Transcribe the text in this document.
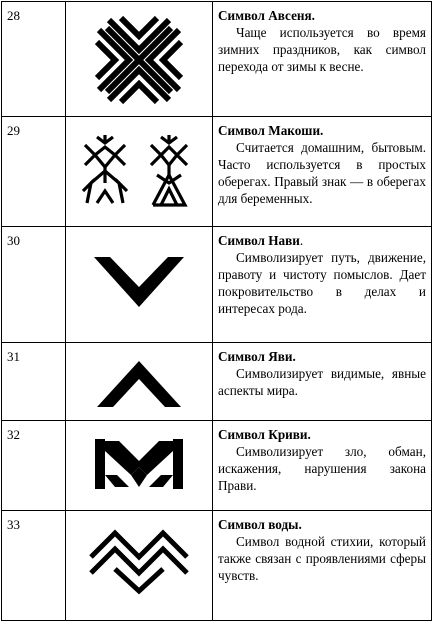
28		Символ Авсеня.
Чаще используется во время зимних праздников, как символ перехода от зимы к весне.

29		Символ Макоши.
Считается домашним, бытовым. Часто используется в простых оберегах. Правый знак — в оберегах для беременных.

30		Символ Нави.
Символизирует путь, движение, правоту и чистоту помыслов. Дает покровительство в делах и интересах рода.

31		Символ Яви.
Символизирует видимые, явные аспекты мира.

32		Символ Криви.
Символизирует зло, обман, искажения, нарушения закона Прави.

33		Символ воды.
Символ водной стихии, который также связан с проявлениями сферы чувств.
